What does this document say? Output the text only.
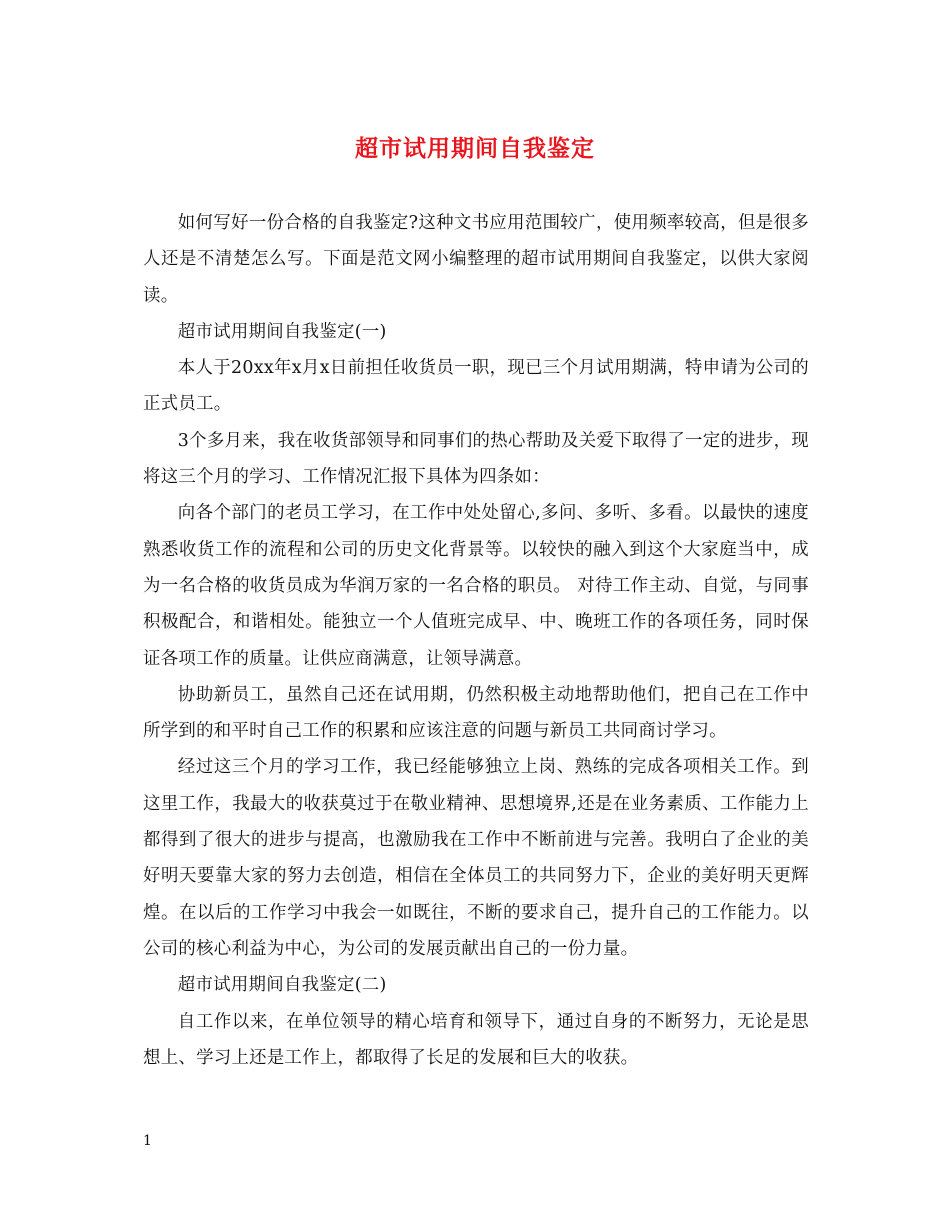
超市试用期间自我鉴定

如何写好一份合格的自我鉴定?这种文书应用范围较广，使用频率较高，但是很多人还是不清楚怎么写。下面是范文网小编整理的超市试用期间自我鉴定，以供大家阅读。

超市试用期间自我鉴定(一)

本人于20xx年x月x日前担任收货员一职，现已三个月试用期满，特申请为公司的正式员工。

3个多月来，我在收货部领导和同事们的热心帮助及关爱下取得了一定的进步，现将这三个月的学习、工作情况汇报下具体为四条如：

向各个部门的老员工学习，在工作中处处留心,多问、多听、多看。以最快的速度熟悉收货工作的流程和公司的历史文化背景等。以较快的融入到这个大家庭当中，成为一名合格的收货员成为华润万家的一名合格的职员。 对待工作主动、自觉，与同事积极配合，和谐相处。能独立一个人值班完成早、中、晚班工作的各项任务，同时保证各项工作的质量。让供应商满意，让领导满意。

协助新员工，虽然自己还在试用期，仍然积极主动地帮助他们，把自己在工作中所学到的和平时自己工作的积累和应该注意的问题与新员工共同商讨学习。

经过这三个月的学习工作，我已经能够独立上岗、熟练的完成各项相关工作。到这里工作，我最大的收获莫过于在敬业精神、思想境界,还是在业务素质、工作能力上都得到了很大的进步与提高，也激励我在工作中不断前进与完善。我明白了企业的美好明天要靠大家的努力去创造，相信在全体员工的共同努力下，企业的美好明天更辉煌。在以后的工作学习中我会一如既往，不断的要求自己，提升自己的工作能力。以公司的核心利益为中心，为公司的发展贡献出自己的一份力量。

超市试用期间自我鉴定(二)

自工作以来，在单位领导的精心培育和领导下，通过自身的不断努力，无论是思想上、学习上还是工作上，都取得了长足的发展和巨大的收获。

1
